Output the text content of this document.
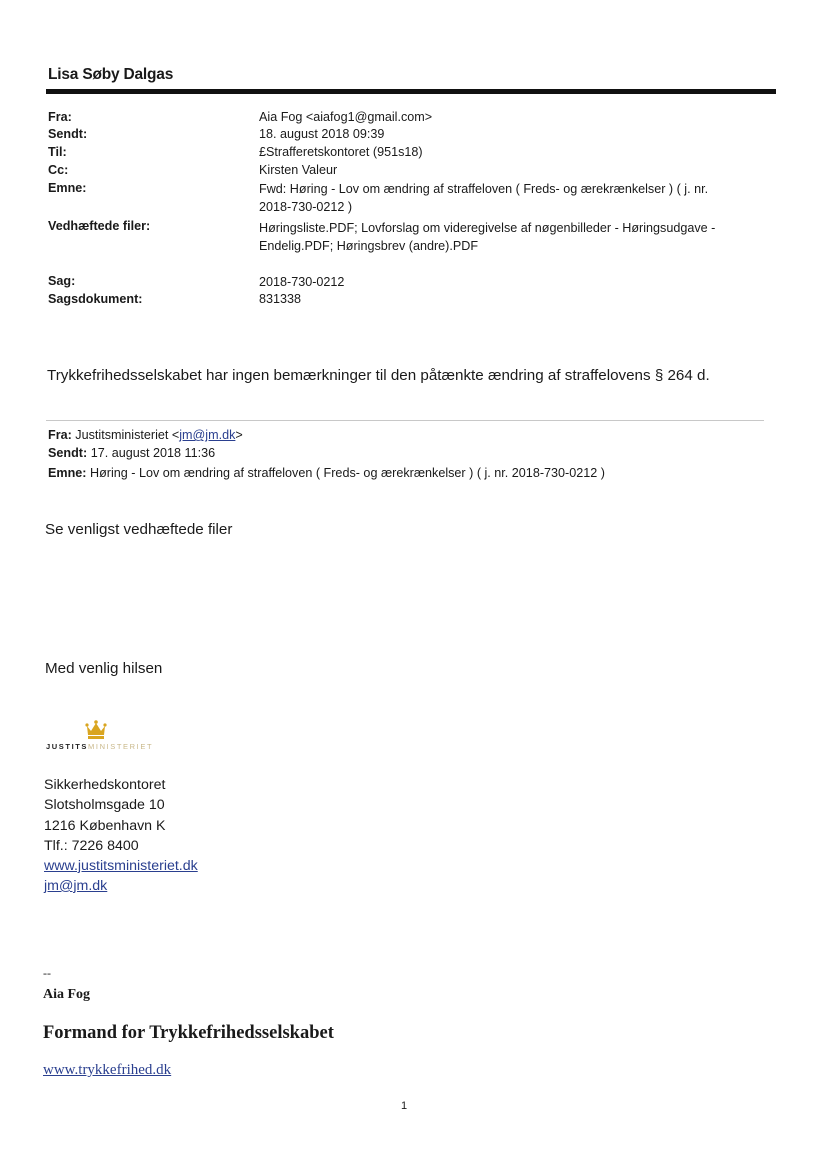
Lisa Søby Dalgas
Fra:
Sendt:
Til:
Cc:
Emne:
Vedhæftede filer:
Sag:
Sagsdokument:
Aia Fog <aiafog1@gmail.com>
18. august 2018 09:39
£Strafferetskontoret (951s18)
Kirsten Valeur
Fwd: Høring - Lov om ændring af straffeloven ( Freds- og ærekrænkelser ) ( j. nr.
2018-730-0212 )
Høringsliste.PDF; Lovforslag om videregivelse af nøgenbilleder - Høringsudgave -
Endelig.PDF; Høringsbrev (andre).PDF
2018-730-0212
831338
Trykkefrihedsselskabet har ingen bemærkninger til den påtænkte ændring af straffelovens § 264 d.
Fra: Justitsministeriet <jm@jm.dk>
Sendt: 17. august 2018 11:36
Emne: Høring - Lov om ændring af straffeloven ( Freds- og ærekrænkelser ) ( j. nr. 2018-730-0212 )
Se venligst vedhæftede filer
Med venlig hilsen
JUSTITSMINISTERIET
Sikkerhedskontoret
Slotsholmsgade 10
1216 København K
Tlf.: 7226 8400
www.justitsministeriet.dk
jm@jm.dk
--
Aia Fog
Formand for Trykkefrihedsselskabet
www.trykkefrihed.dk
1
